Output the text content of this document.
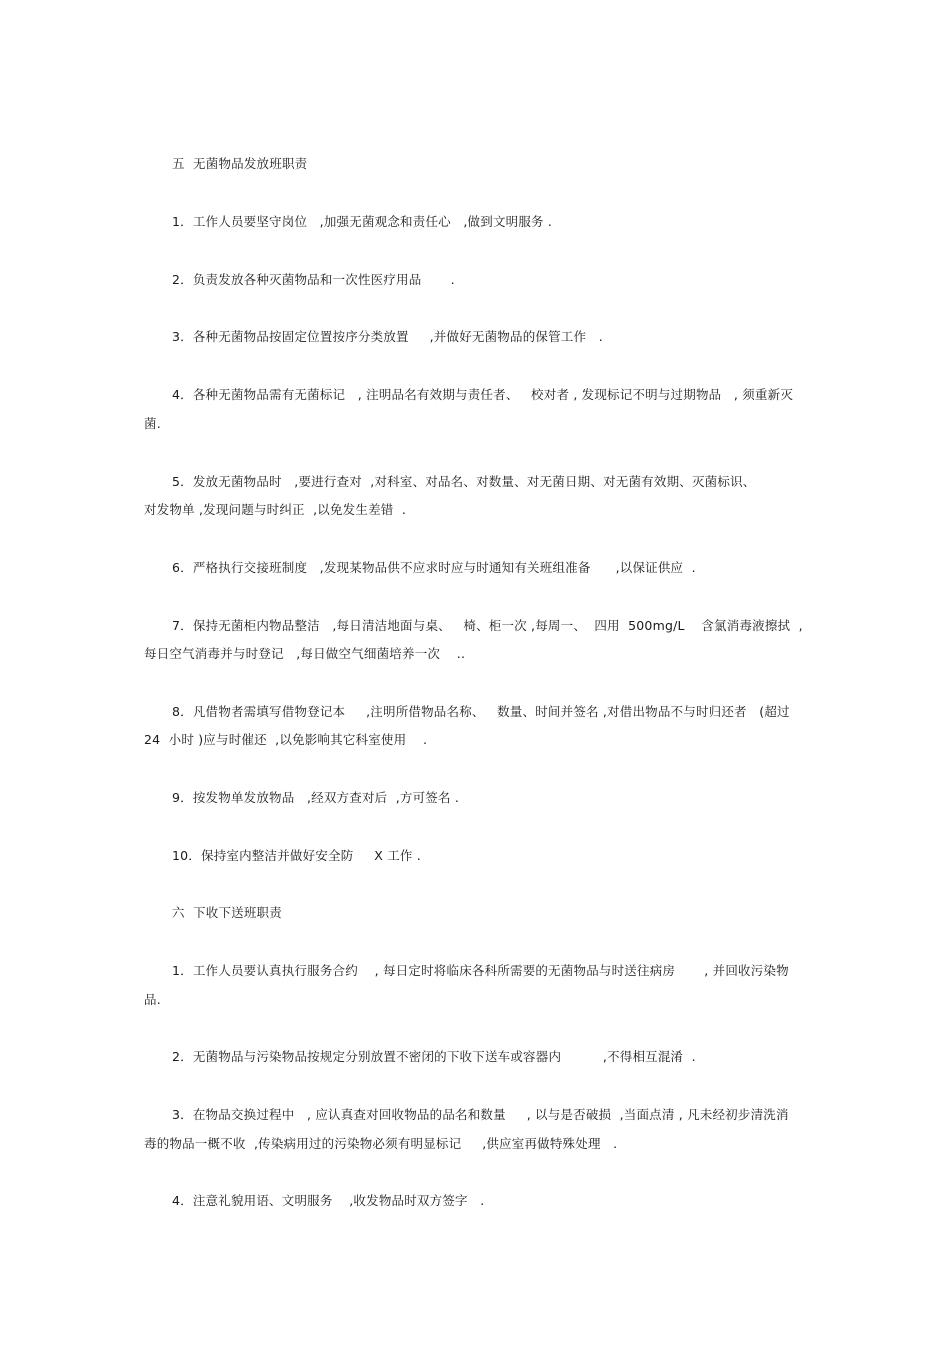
五  无菌物品发放班职责
1．工作人员要坚守岗位   ,加强无菌观念和责任心   ,做到文明服务 .
2．负责发放各种灭菌物品和一次性医疗用品       .
3．各种无菌物品按固定位置按序分类放置     ,并做好无菌物品的保管工作   .
4．各种无菌物品需有无菌标记   , 注明品名有效期与责任者、   校对者 , 发现标记不明与过期物品   , 须重新灭
菌.
5．发放无菌物品时   ,要进行查对  ,对科室、对品名、对数量、对无菌日期、对无菌有效期、灭菌标识、
对发物单 ,发现问题与时纠正  ,以免发生差错  .
6．严格执行交接班制度   ,发现某物品供不应求时应与时通知有关班组准备      ,以保证供应  .
7．保持无菌柜内物品整洁   ,每日清洁地面与桌、   椅、柜一次 ,每周一、  四用  500mg/L    含氯消毒液擦拭  ,
每日空气消毒并与时登记   ,每日做空气细菌培养一次    ..
8．凡借物者需填写借物登记本     ,注明所借物品名称、   数量、时间并签名 ,对借出物品不与时归还者   (超过
24  小时 )应与时催还  ,以免影响其它科室使用    .
9．按发物单发放物品   ,经双方查对后  ,方可签名 .
10．保持室内整洁并做好安全防     X 工作 .
六  下收下送班职责
1．工作人员要认真执行服务合约    , 每日定时将临床各科所需要的无菌物品与时送往病房       , 并回收污染物
品.
2．无菌物品与污染物品按规定分别放置不密闭的下收下送车或容器内          ,不得相互混淆  .
3．在物品交换过程中   , 应认真查对回收物品的品名和数量     , 以与是否破损  ,当面点清 , 凡未经初步清洗消
毒的物品一概不收  ,传染病用过的污染物必须有明显标记     ,供应室再做特殊处理   .
4．注意礼貌用语、文明服务    ,收发物品时双方签字   .
